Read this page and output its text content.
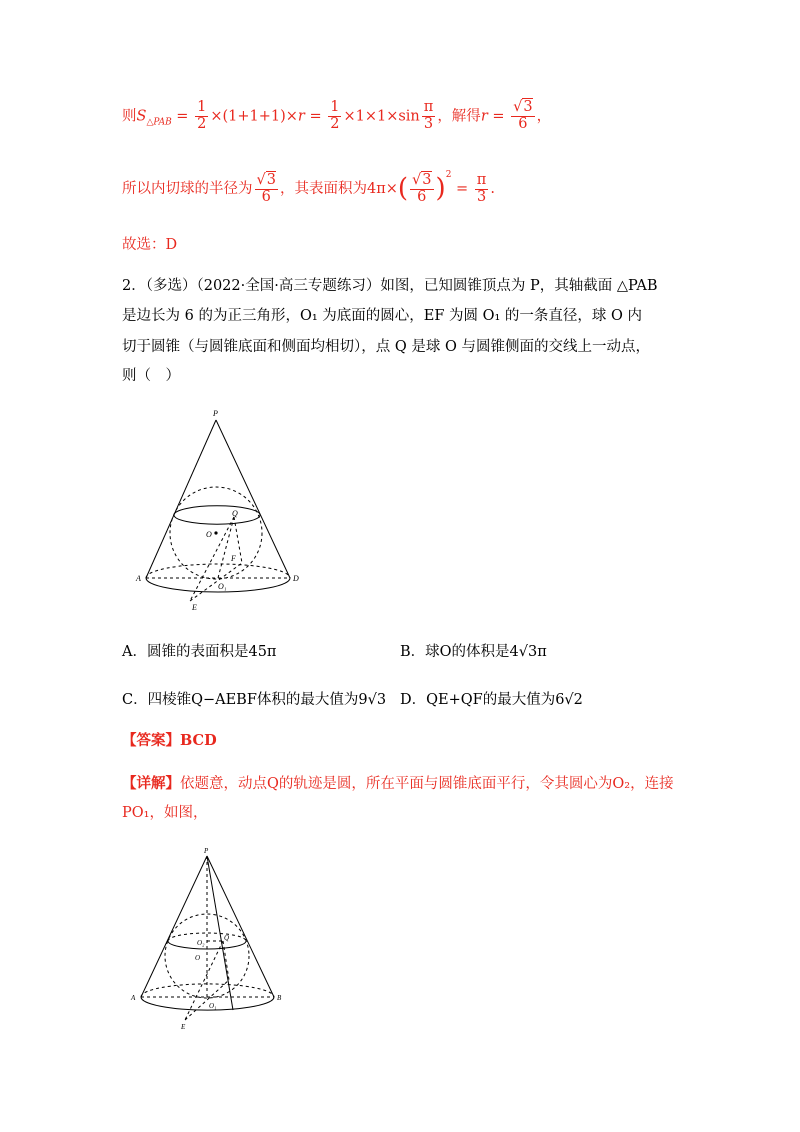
则$S_{\triangle PAB} = \frac{1}{2} \times(1+1+1)\times r = \frac{1}{2} \times 1\times 1\times\sin \frac{\pi}{3}$ ，解得$r = \frac{√3}{6}$ ，
所以内切球的半径为 $\frac{√3}{6}$ ，其表面积为$4\pi\times( \frac{√3}{6} )^2 = \frac{\pi}{3}$ .
故选：D
2．（多选）（2022·全国·高三专题练习）如图，已知圆锥顶点为 P，其轴截面 △PAB
是边长为 6 的为正三角形，O₁ 为底面的圆心，EF 为圆 O₁ 的一条直径，球 O 内
切于圆锥（与圆锥底面和侧面均相切），点 Q 是球 O 与圆锥侧面的交线上一动点，
则（　）
P
Q
O
F
A	D
O₁
E
A．圆锥的表面积是45π	B．球O的体积是4√3π
C．四棱锥Q−AEBF体积的最大值为9√3 D．QE+QF的最大值为6√2
【答案】BCD
【详解】依题意，动点Q的轨迹是圆，所在平面与圆锥底面平行，令其圆心为O₂，连接
PO₁，如图，
P
O₂
Q
O
A	B
O₁
E
